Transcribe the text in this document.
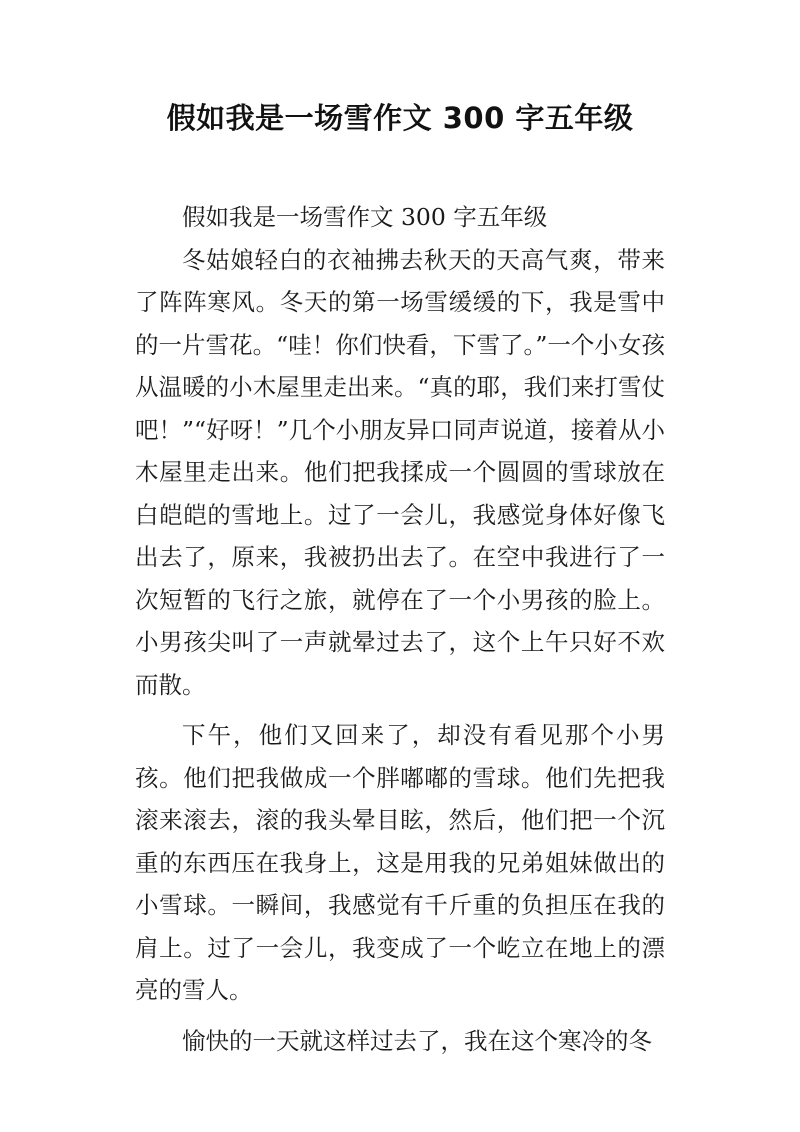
假如我是一场雪作文 300 字五年级

假如我是一场雪作文 300 字五年级

冬姑娘轻白的衣袖拂去秋天的天高气爽，带来了阵阵寒风。冬天的第一场雪缓缓的下，我是雪中的一片雪花。“哇！你们快看，下雪了。”一个小女孩从温暖的小木屋里走出来。“真的耶，我们来打雪仗吧！”“好呀！”几个小朋友异口同声说道，接着从小木屋里走出来。他们把我揉成一个圆圆的雪球放在白皑皑的雪地上。过了一会儿，我感觉身体好像飞出去了，原来，我被扔出去了。在空中我进行了一次短暂的飞行之旅，就停在了一个小男孩的脸上。小男孩尖叫了一声就晕过去了，这个上午只好不欢而散。

下午，他们又回来了，却没有看见那个小男孩。他们把我做成一个胖嘟嘟的雪球。他们先把我滚来滚去，滚的我头晕目眩，然后，他们把一个沉重的东西压在我身上，这是用我的兄弟姐妹做出的小雪球。一瞬间，我感觉有千斤重的负担压在我的肩上。过了一会儿，我变成了一个屹立在地上的漂亮的雪人。

愉快的一天就这样过去了，我在这个寒冷的冬
